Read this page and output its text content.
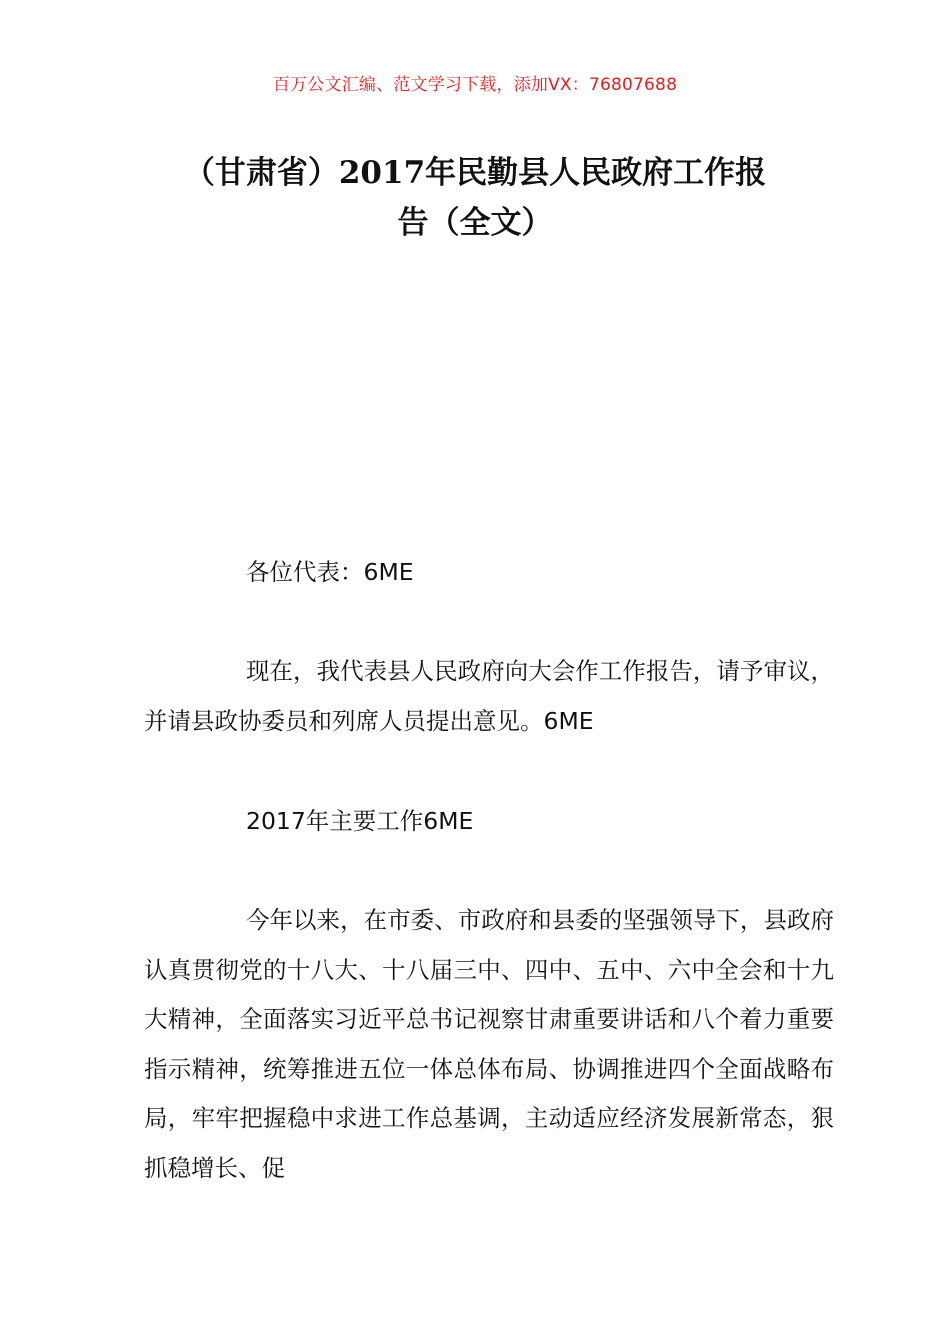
百万公文汇编、范文学习下载，添加VX：76807688
（甘肃省）2017年民勤县人民政府工作报
告（全文）

各位代表：6ME

现在，我代表县人民政府向大会作工作报告，请予审议，并请县政协委员和列席人员提出意见。6ME

2017年主要工作6ME

今年以来，在市委、市政府和县委的坚强领导下，县政府认真贯彻党的十八大、十八届三中、四中、五中、六中全会和十九大精神，全面落实习近平总书记视察甘肃重要讲话和八个着力重要指示精神，统筹推进五位一体总体布局、协调推进四个全面战略布局，牢牢把握稳中求进工作总基调，主动适应经济发展新常态，狠抓稳增长、促
